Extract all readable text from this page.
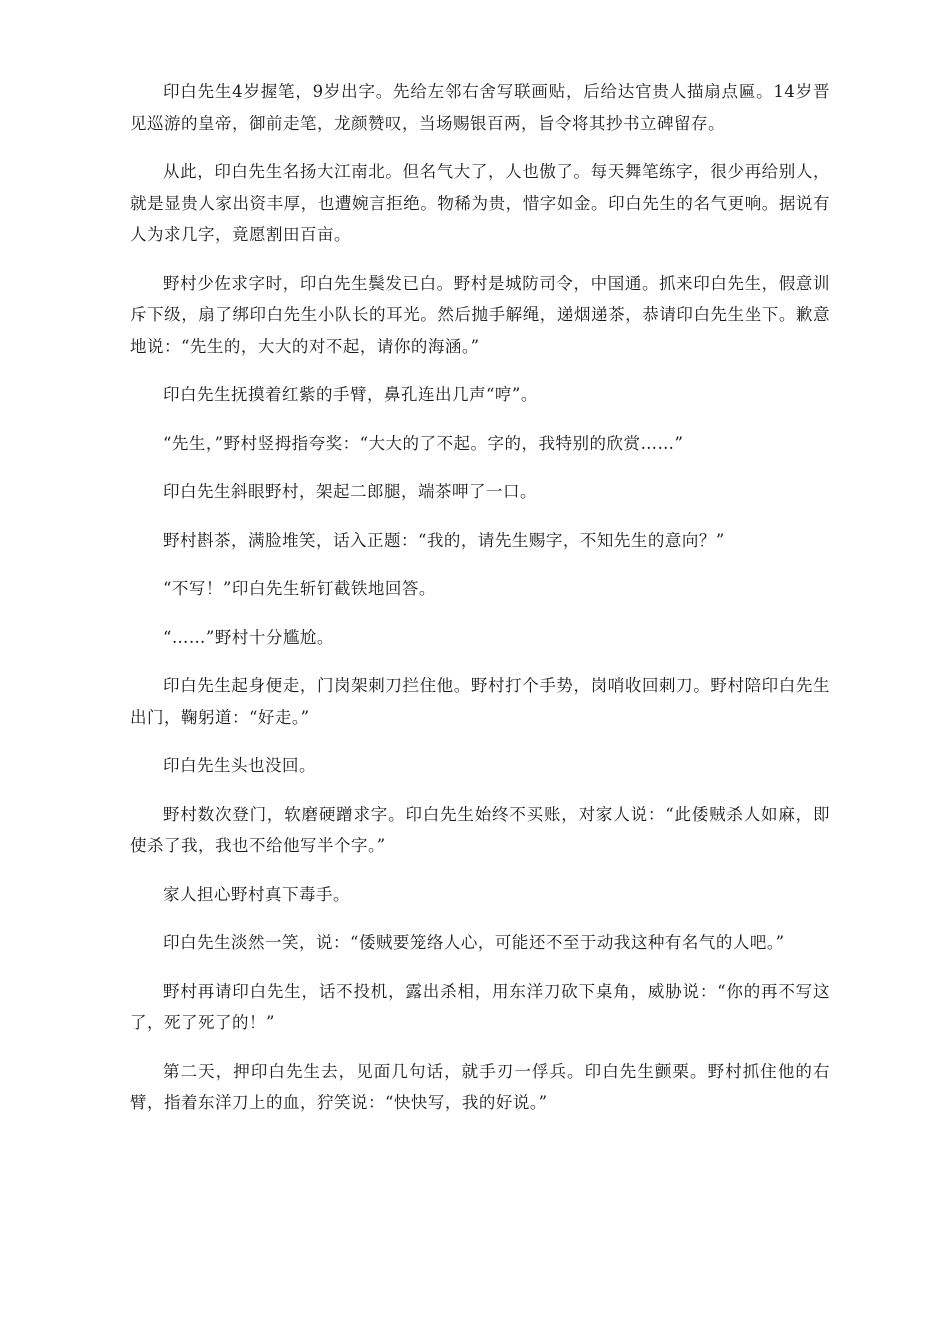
印白先生4岁握笔，9岁出字。先给左邻右舍写联画贴，后给达官贵人描扇点匾。14岁晋见巡游的皇帝，御前走笔，龙颜赞叹，当场赐银百两，旨令将其抄书立碑留存。

从此，印白先生名扬大江南北。但名气大了，人也傲了。每天舞笔练字，很少再给别人，就是显贵人家出资丰厚，也遭婉言拒绝。物稀为贵，惜字如金。印白先生的名气更响。据说有人为求几字，竟愿割田百亩。

野村少佐求字时，印白先生鬓发已白。野村是城防司令，中国通。抓来印白先生，假意训斥下级，扇了绑印白先生小队长的耳光。然后抛手解绳，递烟递茶，恭请印白先生坐下。歉意地说：“先生的，大大的对不起，请你的海涵。”

印白先生抚摸着红紫的手臂，鼻孔连出几声“哼”。

“先生，”野村竖拇指夸奖：“大大的了不起。字的，我特别的欣赏……”

印白先生斜眼野村，架起二郎腿，端茶呷了一口。

野村斟茶，满脸堆笑，话入正题：“我的，请先生赐字，不知先生的意向？”

“不写！”印白先生斩钉截铁地回答。

“……”野村十分尴尬。

印白先生起身便走，门岗架刺刀拦住他。野村打个手势，岗哨收回刺刀。野村陪印白先生出门，鞠躬道：“好走。”

印白先生头也没回。

野村数次登门，软磨硬蹭求字。印白先生始终不买账，对家人说：“此倭贼杀人如麻，即使杀了我，我也不给他写半个字。”

家人担心野村真下毒手。

印白先生淡然一笑，说：“倭贼要笼络人心，可能还不至于动我这种有名气的人吧。”

野村再请印白先生，话不投机，露出杀相，用东洋刀砍下桌角，威胁说：“你的再不写这了，死了死了的！”

第二天，押印白先生去，见面几句话，就手刃一俘兵。印白先生颤栗。野村抓住他的右臂，指着东洋刀上的血，狞笑说：“快快写，我的好说。”
